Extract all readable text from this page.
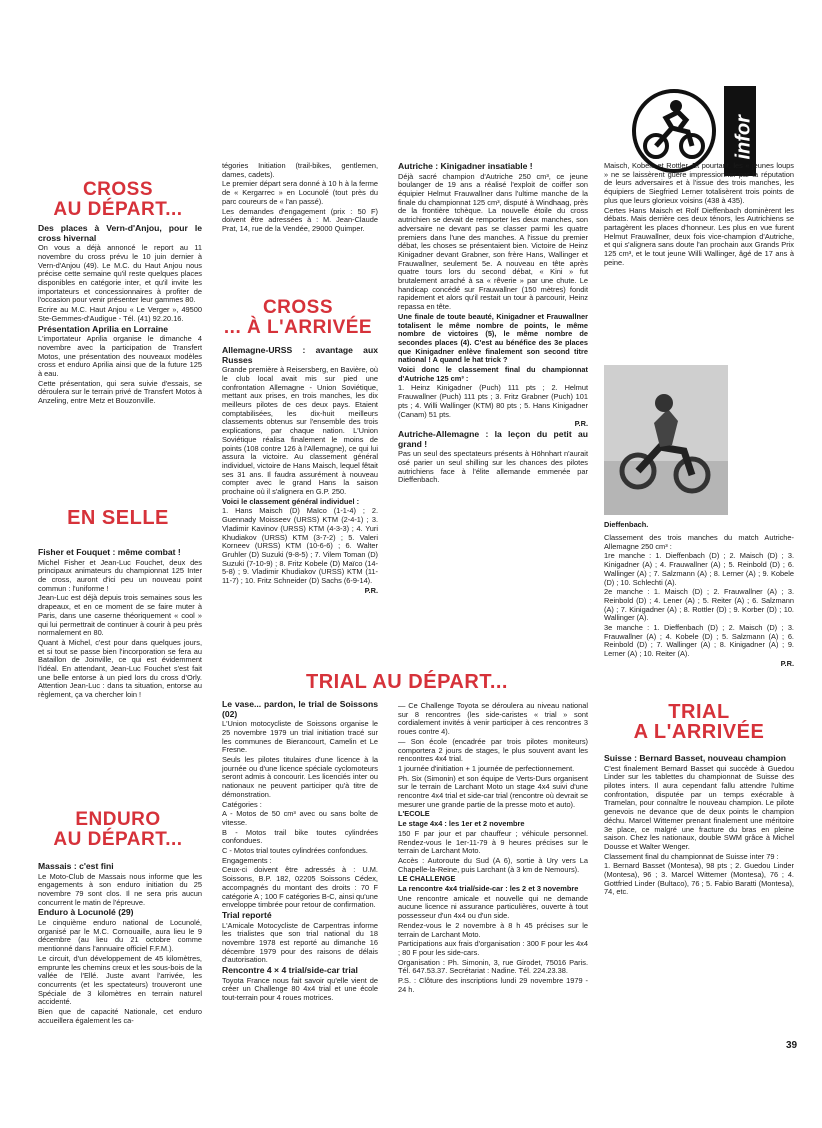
infor
CROSS
AU DÉPART...
EN SELLE
ENDURO
AU DÉPART...
CROSS
... À L'ARRIVÉE
TRIAL AU DÉPART...
TRIAL
A L'ARRIVÉE

Des places à Vern-d'Anjou, pour le cross hivernal

On vous a déjà annoncé le report au 11 novembre du cross prévu le 10 juin dernier à Vern-d'Anjou (49). Le M.C. du Haut Anjou nous précise cette semaine qu'il reste quelques places disponibles en catégorie inter, et qu'il invite les importateurs et concessionnaires à profiter de l'occasion pour venir présenter leur gammes 80.

Ecrire au M.C. Haut Anjou « Le Verger », 49500 Ste-Gemmes-d'Audigue - Tél. (41) 92.20.16.

Présentation Aprilia en Lorraine

L'importateur Aprilia organise le dimanche 4 novembre avec la participation de Transfert Motos, une présentation des nouveaux modèles cross et enduro Aprilia ainsi que de la future 125 à eau.

Cette présentation, qui sera suivie d'essais, se déroulera sur le terrain privé de Transfert Motos à Anzeling, entre Metz et Bouzonville.

Fisher et Fouquet : même combat !

Michel Fisher et Jean-Luc Fouchet, deux des principaux animateurs du championnat 125 Inter de cross, auront d'ici peu un nouveau point commun : l'uniforme !

Jean-Luc est déjà depuis trois semaines sous les drapeaux, et en ce moment de se faire muter à Paris, dans une caserne théoriquement « cool » qui lui permettrait de continuer à courir à peu près normalement en 80.

Quant à Michel, c'est pour dans quelques jours, et si tout se passe bien l'incorporation se fera au Bataillon de Joinville, ce qui est évidemment l'idéal. En attendant, Jean-Luc Fouchet s'est fait une belle entorse à un pied lors du cross d'Orly. Attention Jean-Luc : dans ta situation, entorse au règlement, ça va chercher loin !

Massais : c'est fini

Le Moto-Club de Massais nous informe que les engagements à son enduro initiation du 25 novembre 79 sont clos. Il ne sera pris aucun concurrent le matin de l'épreuve.

Enduro à Locunolé (29)

Le cinquième enduro national de Locunolé, organisé par le M.C. Cornouaille, aura lieu le 9 décembre (au lieu du 21 octobre comme mentionné dans l'annuaire officiel F.F.M.).

Le circuit, d'un développement de 45 kilomètres, emprunte les chemins creux et les sous-bois de la vallée de l'Ellé. Juste avant l'arrivée, les concurrents (et les spectateurs) trouveront une Spéciale de 3 kilomètres en terrain naturel accidenté.

Bien que de capacité Nationale, cet enduro accueillera également les ca-

tégories Initiation (trail-bikes, gentlemen, dames, cadets).

Le premier départ sera donné à 10 h à la ferme de « Kergarrec » en Locunolé (tout près du parc coureurs de « l'an passé).

Les demandes d'engagement (prix : 50 F) doivent être adressées à : M. Jean-Claude Prat, 14, rue de la Vendée, 29000 Quimper.

Allemagne-URSS : avantage aux Russes

Grande première à Reisersberg, en Bavière, où le club local avait mis sur pied une confrontation Allemagne - Union Soviétique, mettant aux prises, en trois manches, les dix meilleurs pilotes de ces deux pays. Etaient comptabilisées, les dix-huit meilleurs classements obtenus sur l'ensemble des trois explications, par chaque nation. L'Union Soviétique réalisa finalement le moins de points (108 contre 126 à l'Allemagne), ce qui lui assura la victoire. Au classement général individuel, victoire de Hans Maisch, lequel fêtait ses 31 ans. Il faudra assurément à nouveau compter avec le grand Hans la saison prochaine où il s'alignera en G.P. 250.

Voici le classement général individuel :

1. Hans Maisch (D) Maïco (1-1-4) ; 2. Guennady Moisseev (URSS) KTM (2-4-1) ; 3. Vladimir Kavinov (URSS) KTM (4-3-3) ; 4. Yuri Khudiakov (URSS) KTM (3-7-2) ; 5. Valeri Korneev (URSS) KTM (10-6-6) ; 6. Walter Gruhler (D) Suzuki (9-8-5) ; 7. Vilem Toman (D) Suzuki (7-10-9) ; 8. Fritz Kobele (D) Maïco (14-5-8) ; 9. Vladimir Khudiakov (URSS) KTM (11-11-7) ; 10. Fritz Schneider (D) Sachs (6-9-14).

P.R.

Le vase... pardon, le trial de Soissons (02)

L'Union motocycliste de Soissons organise le 25 novembre 1979 un trial initiation tracé sur les communes de Bierancourt, Camelin et Le Fresne.

Seuls les pilotes titulaires d'une licence à la journée ou d'une licence spéciale cyclomoteurs seront admis à concourir. Les licenciés inter ou nationaux ne peuvent participer qu'à titre de démonstration.

Catégories :

A - Motos de 50 cm³ avec ou sans boîte de vitesse.

B - Motos trail bike toutes cylindrées confondues.

C - Motos trial toutes cylindrées confondues.

Engagements :

Ceux-ci doivent être adressés à : U.M. Soissons, B.P. 182, 02205 Soissons Cédex, accompagnés du montant des droits : 70 F catégorie A ; 100 F catégories B-C, ainsi qu'une enveloppe timbrée pour retour de confirmation.

Trial reporté

L'Amicale Motocycliste de Carpentras informe les trialistes que son trial national du 18 novembre 1978 est reporté au dimanche 16 décembre 1979 pour des raisons de délais d'autorisation.

Rencontre 4 × 4 trial/side-car trial

Toyota France nous fait savoir qu'elle vient de créer un Challenge 80 4x4 trial et une école tout-terrain pour 4 roues motrices.

Autriche : Kinigadner insatiable !

Déjà sacré champion d'Autriche 250 cm³, ce jeune boulanger de 19 ans a réalisé l'exploit de coiffer son équipier Helmut Frauwallner dans l'ultime manche de la finale du championnat 125 cm³, disputé à Windhaag, près de la frontière tchèque. La nouvelle étoile du cross autrichien se devait de remporter les deux manches, son adversaire ne devant pas se classer parmi les quatre premiers dans l'une des manches. A l'issue du premier débat, les choses se présentaient bien. Victoire de Heinz Kinigadner devant Grabner, son frère Hans, Wallinger et Frauwallner, seulement 5e. A nouveau en tête après quatre tours lors du second débat, « Kini » fut brutalement arraché à sa « rêverie » par une chute. Le handicap concédé sur Frauwallner (150 mètres) fondit rapidement et alors qu'il restait un tour à parcourir, Heinz repassa en tête.

Une finale de toute beauté, Kinigadner et Frauwallner totalisent le même nombre de points, le même nombre de victoires (5), le même nombre de secondes places (4). C'est au bénéfice des 3e places que Kinigadner enlève finalement son second titre national ! A quand le hat trick ?

Voici donc le classement final du championnat d'Autriche 125 cm³ :

1. Heinz Kinigadner (Puch) 111 pts ; 2. Helmut Frauwallner (Puch) 111 pts ; 3. Fritz Grabner (Puch) 101 pts ; 4. Willi Wallinger (KTM) 80 pts ; 5. Hans Kinigadner (Canam) 51 pts.

P.R.

Autriche-Allemagne : la leçon du petit au grand !

Pas un seul des spectateurs présents à Höhnhart n'aurait osé parier un seul shilling sur les chances des pilotes autrichiens face à l'élite allemande emmenée par Dieffenbach.

— Ce Challenge Toyota se déroulera au niveau national sur 8 rencontres (les side-caristes « trial » sont cordialement invités à venir participer à ces rencontres 3 roues contre 4).

— Son école (encadrée par trois pilotes moniteurs) comportera 2 jours de stages, le plus souvent avant les rencontres 4x4 trial.

1 journée d'initiation + 1 journée de perfectionnement.

Ph. Six (Simonin) et son équipe de Verts-Durs organisent sur le terrain de Larchant Moto un stage 4x4 suivi d'une rencontre 4x4 trial et side-car trial (rencontre où devrait se mesurer une grande partie de la presse moto et auto).

L'ECOLE

Le stage 4x4 : les 1er et 2 novembre

150 F par jour et par chauffeur ; véhicule personnel. Rendez-vous le 1er-11-79 à 9 heures précises sur le terrain de Larchant Moto.

Accès : Autoroute du Sud (A 6), sortie à Ury vers La Chapelle-la-Reine, puis Larchant (à 3 km de Nemours).

LE CHALLENGE

La rencontre 4x4 trial/side-car : les 2 et 3 novembre

Une rencontre amicale et nouvelle qui ne demande aucune licence ni assurance particulières, ouverte à tout possesseur d'un 4x4 ou d'un side.

Rendez-vous le 2 novembre à 8 h 45 précises sur le terrain de Larchant Moto.

Participations aux frais d'organisation : 300 F pour les 4x4 ; 80 F pour les side-cars.

Organisation : Ph. Simonin, 3, rue Girodet, 75016 Paris. Tél. 647.53.37. Secrétariat : Nadine. Tél. 224.23.38.

P.S. : Clôture des inscriptions lundi 29 novembre 1979 - 24 h.

Maisch, Kobele et Rottler. Et pourtant, les « jeunes loups » ne se laissèrent guère impressionner par la réputation de leurs adversaires et à l'issue des trois manches, les équipiers de Siegfried Lerner totalisèrent trois points de plus que leurs glorieux voisins (438 à 435).

Certes Hans Maisch et Rolf Dieffenbach dominèrent les débats. Mais derrière ces deux ténors, les Autrichiens se partagèrent les places d'honneur. Les plus en vue furent Helmut Frauwallner, deux fois vice-champion d'Autriche, et qui s'alignera sans doute l'an prochain aux Grands Prix 125 cm³, et le tout jeune Willi Wallinger, âgé de 17 ans à peine.

Dieffenbach.

Classement des trois manches du match Autriche-Allemagne 250 cm³ :

1re manche : 1. Dieffenbach (D) ; 2. Maisch (D) ; 3. Kinigadner (A) ; 4. Frauwallner (A) ; 5. Reinbold (D) ; 6. Wallinger (A) ; 7. Salzmann (A) ; 8. Lerner (A) ; 9. Kobele (D) ; 10. Schlechti (A).

2e manche : 1. Maisch (D) ; 2. Frauwallner (A) ; 3. Reinbold (D) ; 4. Lener (A) ; 5. Reiter (A) ; 6. Salzmann (A) ; 7. Kinigadner (A) ; 8. Rottler (D) ; 9. Korber (D) ; 10. Wallinger (A).

3e manche : 1. Dieffenbach (D) ; 2. Maisch (D) ; 3. Frauwallner (A) ; 4. Kobele (D) ; 5. Salzmann (A) ; 6. Reinbold (D) ; 7. Wallinger (A) ; 8. Kinigadner (A) ; 9. Lerner (A) ; 10. Reiter (A).

P.R.

Suisse : Bernard Basset, nouveau champion

C'est finalement Bernard Basset qui succède à Guedou Linder sur les tablettes du championnat de Suisse des pilotes inters. Il aura cependant fallu attendre l'ultime confrontation, disputée par un temps exécrable à Tramelan, pour connaître le nouveau champion. Le pilote genevois ne devance que de deux points le champion déchu. Marcel Wittemer prenant finalement une méritoire 3e place, ce malgré une fracture du bras en pleine saison. Chez les nationaux, double SWM grâce à Michel Dousse et Walter Wenger.

Classement final du championnat de Suisse inter 79 :

1. Bernard Basset (Montesa), 98 pts ; 2. Guedou Linder (Montesa), 96 ; 3. Marcel Wittemer (Montesa), 76 ; 4. Gottfried Linder (Bultaco), 76 ; 5. Fabio Baratti (Montesa), 74, etc.

39
